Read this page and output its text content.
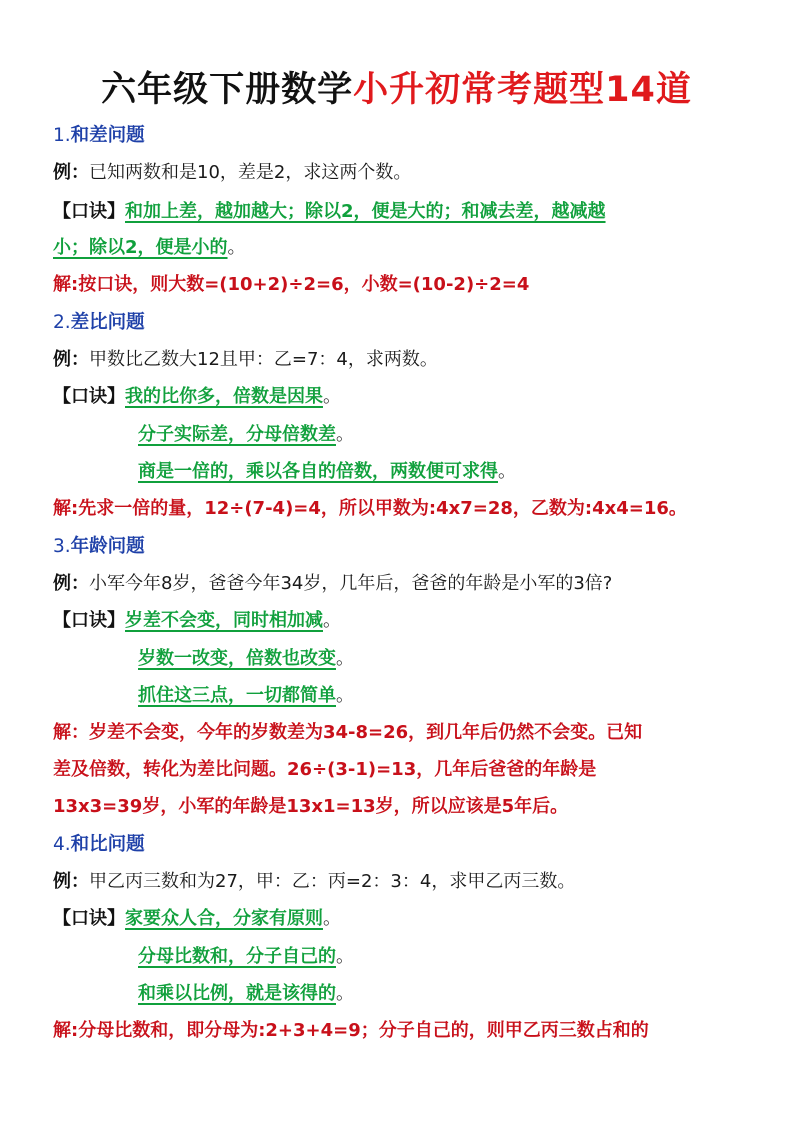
六年级下册数学小升初常考题型14道
1.和差问题
例：已知两数和是10，差是2，求这两个数。
【口诀】和加上差，越加越大；除以2，便是大的；和减去差，越减越
小；除以2，便是小的。
解:按口诀，则大数=(10+2)÷2=6，小数=(10-2)÷2=4
2.差比问题
例：甲数比乙数大12且甲：乙=7：4，求两数。
【口诀】我的比你多，倍数是因果。
分子实际差，分母倍数差。
商是一倍的，乘以各自的倍数，两数便可求得。
解:先求一倍的量，12÷(7-4)=4，所以甲数为:4x7=28，乙数为:4x4=16。
3.年龄问题
例：小军今年8岁，爸爸今年34岁，几年后，爸爸的年龄是小军的3倍?
【口诀】岁差不会变，同时相加减。
岁数一改变，倍数也改变。
抓住这三点，一切都简单。
解：岁差不会变，今年的岁数差为34-8=26，到几年后仍然不会变。已知
差及倍数，转化为差比问题。26÷(3-1)=13，几年后爸爸的年龄是
13x3=39岁，小军的年龄是13x1=13岁，所以应该是5年后。
4.和比问题
例：甲乙丙三数和为27，甲：乙：丙=2：3：4，求甲乙丙三数。
【口诀】家要众人合，分家有原则。
分母比数和，分子自己的。
和乘以比例，就是该得的。
解:分母比数和，即分母为:2+3+4=9；分子自己的，则甲乙丙三数占和的
